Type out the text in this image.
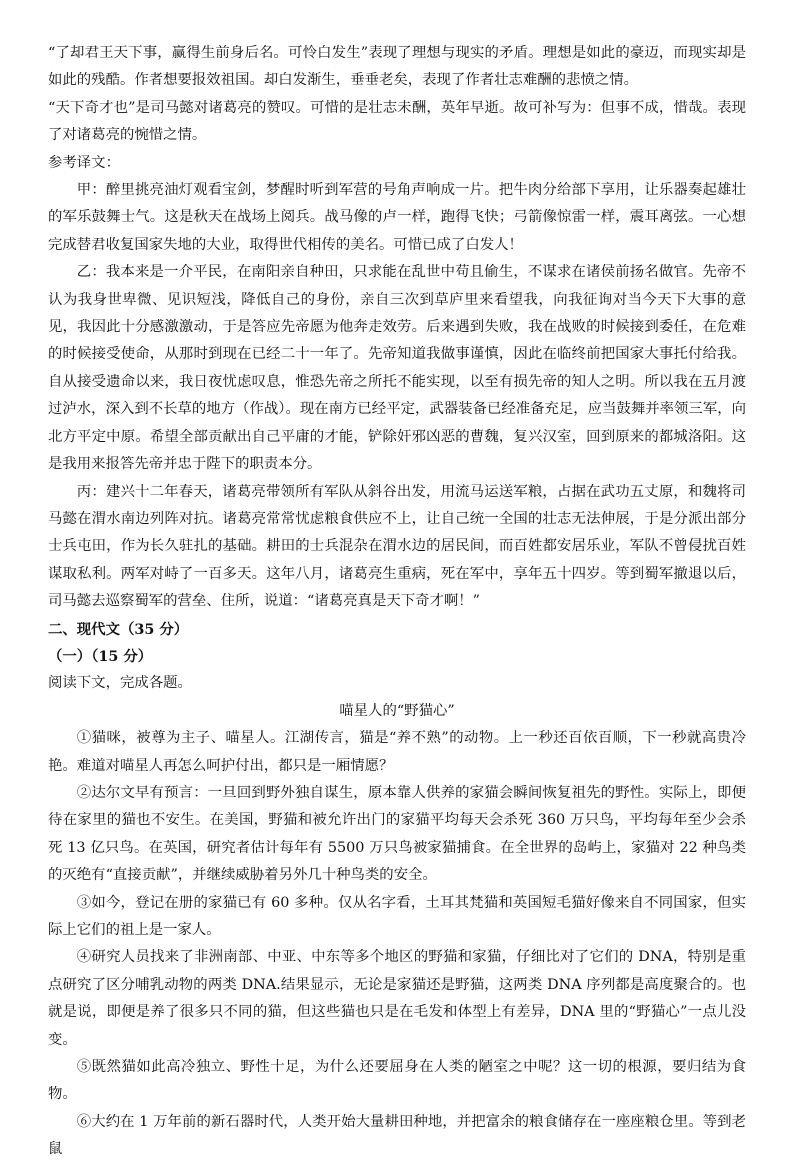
“了却君王天下事，赢得生前身后名。可怜白发生”表现了理想与现实的矛盾。理想是如此的豪迈，而现实却是如此的残酷。作者想要报效祖国。却白发渐生，垂垂老矣，表现了作者壮志难酬的悲愤之情。

“天下奇才也”是司马懿对诸葛亮的赞叹。可惜的是壮志未酬，英年早逝。故可补写为：但事不成，惜哉。表现了对诸葛亮的惋惜之情。

参考译文：

甲：醉里挑亮油灯观看宝剑，梦醒时听到军营的号角声响成一片。把牛肉分给部下享用，让乐器奏起雄壮的军乐鼓舞士气。这是秋天在战场上阅兵。战马像的卢一样，跑得飞快；弓箭像惊雷一样，震耳离弦。一心想完成替君收复国家失地的大业，取得世代相传的美名。可惜已成了白发人！

乙：我本来是一介平民，在南阳亲自种田，只求能在乱世中苟且偷生，不谋求在诸侯前扬名做官。先帝不认为我身世卑微、见识短浅，降低自己的身份，亲自三次到草庐里来看望我，向我征询对当今天下大事的意见，我因此十分感激激动，于是答应先帝愿为他奔走效劳。后来遇到失败，我在战败的时候接到委任，在危难的时候接受使命，从那时到现在已经二十一年了。先帝知道我做事谨慎，因此在临终前把国家大事托付给我。自从接受遗命以来，我日夜忧虑叹息，惟恐先帝之所托不能实现，以至有损先帝的知人之明。所以我在五月渡过泸水，深入到不长草的地方（作战）。现在南方已经平定，武器装备已经准备充足，应当鼓舞并率领三军，向北方平定中原。希望全部贡献出自己平庸的才能，铲除奸邪凶恶的曹魏，复兴汉室，回到原来的都城洛阳。这是我用来报答先帝并忠于陛下的职责本分。

丙：建兴十二年春天，诸葛亮带领所有军队从斜谷出发，用流马运送军粮，占据在武功五丈原，和魏将司马懿在渭水南边列阵对抗。诸葛亮常常忧虑粮食供应不上，让自己统一全国的壮志无法伸展，于是分派出部分士兵屯田，作为长久驻扎的基础。耕田的士兵混杂在渭水边的居民间，而百姓都安居乐业，军队不曾侵扰百姓谋取私利。两军对峙了一百多天。这年八月，诸葛亮生重病，死在军中，享年五十四岁。等到蜀军撤退以后，司马懿去巡察蜀军的营垒、住所，说道：“诸葛亮真是天下奇才啊！”

二、现代文（35 分）

（一）（15 分）

阅读下文，完成各题。

喵星人的“野猫心”

①猫咪，被尊为主子、喵星人。江湖传言，猫是“养不熟”的动物。上一秒还百依百顺，下一秒就高贵冷艳。难道对喵星人再怎么呵护付出，都只是一厢情愿？

②达尔文早有预言：一旦回到野外独自谋生，原本靠人供养的家猫会瞬间恢复祖先的野性。实际上，即便待在家里的猫也不安生。在美国，野猫和被允许出门的家猫平均每天会杀死 360 万只鸟，平均每年至少会杀死 13 亿只鸟。在英国，研究者估计每年有 5500 万只鸟被家猫捕食。在全世界的岛屿上，家猫对 22 种鸟类的灭绝有“直接贡献”，并继续威胁着另外几十种鸟类的安全。

③如今，登记在册的家猫已有 60 多种。仅从名字看，土耳其梵猫和英国短毛猫好像来自不同国家，但实际上它们的祖上是一家人。

④研究人员找来了非洲南部、中亚、中东等多个地区的野猫和家猫，仔细比对了它们的 DNA，特别是重点研究了区分哺乳动物的两类 DNA.结果显示，无论是家猫还是野猫，这两类 DNA 序列都是高度聚合的。也就是说，即便是养了很多只不同的猫，但这些猫也只是在毛发和体型上有差异，DNA 里的“野猫心”一点儿没变。

⑤既然猫如此高冷独立、野性十足，为什么还要屈身在人类的陋室之中呢？这一切的根源，要归结为食物。

⑥大约在 1 万年前的新石器时代，人类开始大量耕田种地，并把富余的粮食储存在一座座粮仓里。等到老鼠
